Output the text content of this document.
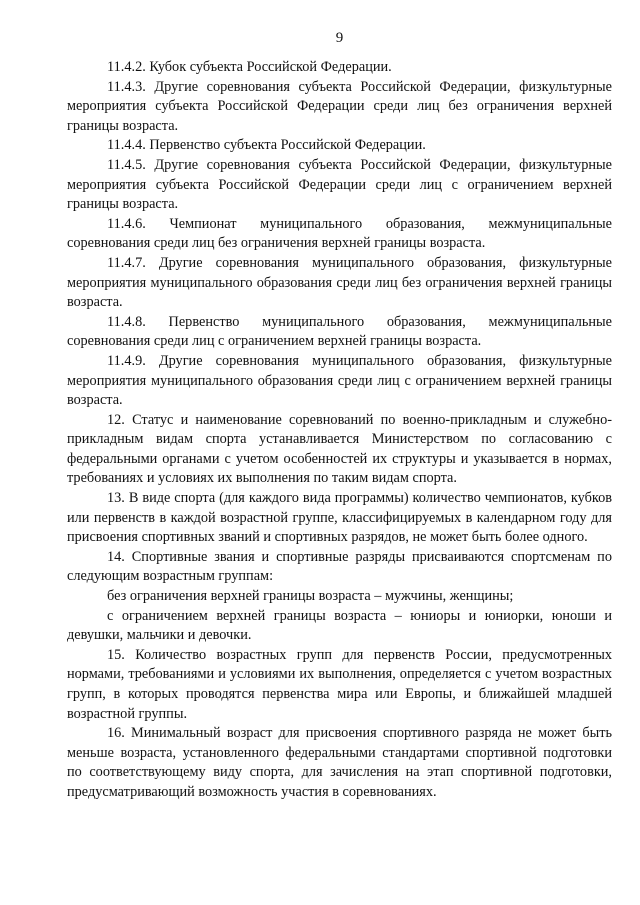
9

11.4.2. Кубок субъекта Российской Федерации.

11.4.3. Другие соревнования субъекта Российской Федерации, физкультурные мероприятия субъекта Российской Федерации среди лиц без ограничения верхней границы возраста.

11.4.4. Первенство субъекта Российской Федерации.

11.4.5. Другие соревнования субъекта Российской Федерации, физкультурные мероприятия субъекта Российской Федерации среди лиц с ограничением верхней границы возраста.

11.4.6. Чемпионат муниципального образования, межмуниципальные соревнования среди лиц без ограничения верхней границы возраста.

11.4.7. Другие соревнования муниципального образования, физкультурные мероприятия муниципального образования среди лиц без ограничения верхней границы возраста.

11.4.8. Первенство муниципального образования, межмуниципальные соревнования среди лиц с ограничением верхней границы возраста.

11.4.9. Другие соревнования муниципального образования, физкультурные мероприятия муниципального образования среди лиц с ограничением верхней границы возраста.

12. Статус и наименование соревнований по военно-прикладным и служебно-прикладным видам спорта устанавливается Министерством по согласованию с федеральными органами с учетом особенностей их структуры и указывается в нормах, требованиях и условиях их выполнения по таким видам спорта.

13. В виде спорта (для каждого вида программы) количество чемпионатов, кубков или первенств в каждой возрастной группе, классифицируемых в календарном году для присвоения спортивных званий и спортивных разрядов, не может быть более одного.

14. Спортивные звания и спортивные разряды присваиваются спортсменам по следующим возрастным группам:

без ограничения верхней границы возраста – мужчины, женщины;

с ограничением верхней границы возраста – юниоры и юниорки, юноши и девушки, мальчики и девочки.

15. Количество возрастных групп для первенств России, предусмотренных нормами, требованиями и условиями их выполнения, определяется с учетом возрастных групп, в которых проводятся первенства мира или Европы, и ближайшей младшей возрастной группы.

16. Минимальный возраст для присвоения спортивного разряда не может быть меньше возраста, установленного федеральными стандартами спортивной подготовки по соответствующему виду спорта, для зачисления на этап спортивной подготовки, предусматривающий возможность участия в соревнованиях.
